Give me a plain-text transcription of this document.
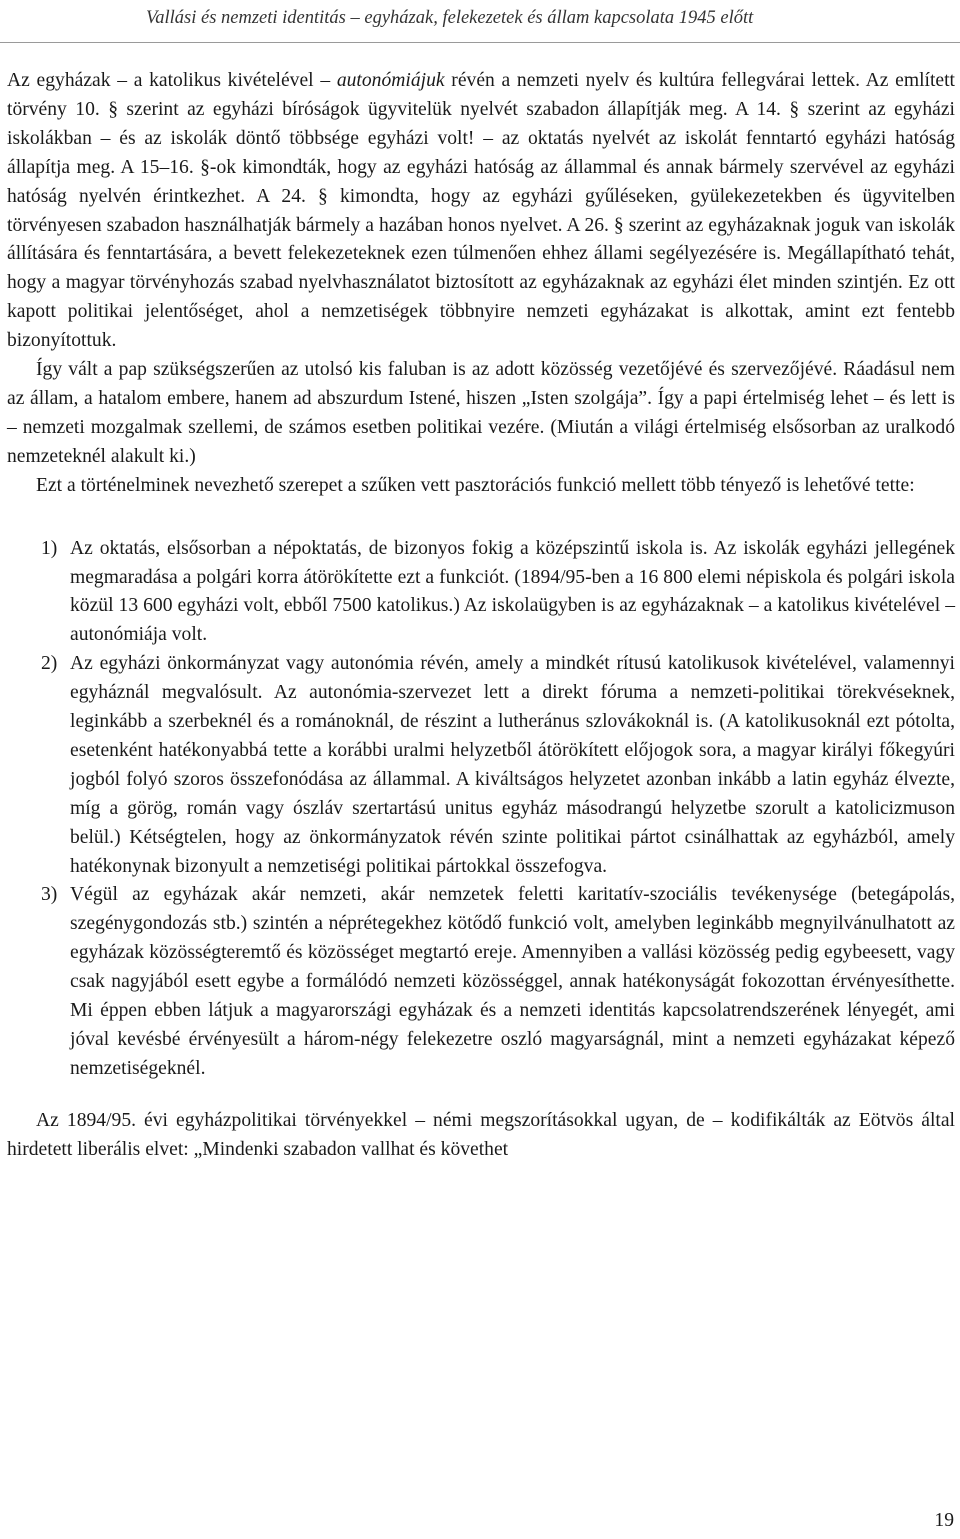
Vallási és nemzeti identitás – egyházak, felekezetek és állam kapcsolata 1945 előtt

Az egyházak – a katolikus kivételével – autonómiájuk révén a nemzeti nyelv és kultúra fellegvárai lettek. Az említett törvény 10. § szerint az egyházi bíróságok ügyvitelük nyelvét szabadon állapítják meg. A 14. § szerint az egyházi iskolákban – és az iskolák döntő többsége egyházi volt! – az oktatás nyelvét az iskolát fenntartó egyházi hatóság állapítja meg. A 15–16. §-ok kimondták, hogy az egyházi hatóság az állammal és annak bármely szervével az egyházi hatóság nyelvén érintkezhet. A 24. § kimondta, hogy az egyházi gyűléseken, gyülekezetekben és ügyvitelben törvényesen szabadon használhatják bármely a hazában honos nyelvet. A 26. § szerint az egyházaknak joguk van iskolák állítására és fenntartására, a bevett felekezeteknek ezen túlmenően ehhez állami segélyezésére is. Megállapítható tehát, hogy a magyar törvényhozás szabad nyelvhasználatot biztosított az egyházaknak az egyházi élet minden szintjén. Ez ott kapott politikai jelentőséget, ahol a nemzetiségek többnyire nemzeti egyházakat is alkottak, amint ezt fentebb bizonyítottuk.

Így vált a pap szükségszerűen az utolsó kis faluban is az adott közösség vezetőjévé és szervezőjévé. Ráadásul nem az állam, a hatalom embere, hanem ad abszurdum Istené, hiszen „Isten szolgája”. Így a papi értelmiség lehet – és lett is – nemzeti mozgalmak szellemi, de számos esetben politikai vezére. (Miután a világi értelmiség elsősorban az uralkodó nemzeteknél alakult ki.)

Ezt a történelminek nevezhető szerepet a szűken vett pasztorációs funkció mellett több tényező is lehetővé tette:

1) Az oktatás, elsősorban a népoktatás, de bizonyos fokig a középszintű iskola is. Az iskolák egyházi jellegének megmaradása a polgári korra átörökítette ezt a funkciót. (1894/95-ben a 16 800 elemi népiskola és polgári iskola közül 13 600 egyházi volt, ebből 7500 katolikus.) Az iskolaügyben is az egyházaknak – a katolikus kivételével – autonómiája volt.
2) Az egyházi önkormányzat vagy autonómia révén, amely a mindkét rítusú katolikusok kivételével, valamennyi egyháznál megvalósult. Az autonómia-szervezet lett a direkt fóruma a nemzeti-politikai törekvéseknek, leginkább a szerbeknél és a románoknál, de részint a lutheránus szlovákoknál is. (A katolikusoknál ezt pótolta, esetenként hatékonyabbá tette a korábbi uralmi helyzetből átörökített előjogok sora, a magyar királyi főkegyúri jogból folyó szoros összefonódása az állammal. A kiváltságos helyzetet azonban inkább a latin egyház élvezte, míg a görög, román vagy ószláv szertartású unitus egyház másodrangú helyzetbe szorult a katolicizmuson belül.) Kétségtelen, hogy az önkormányzatok révén szinte politikai pártot csinálhattak az egyházból, amely hatékonynak bizonyult a nemzetiségi politikai pártokkal összefogva.
3) Végül az egyházak akár nemzeti, akár nemzetek feletti karitatív-szociális tevékenysége (betegápolás, szegénygondozás stb.) szintén a néprétegekhez kötődő funkció volt, amelyben leginkább megnyilvánulhatott az egyházak közösségteremtő és közösséget megtartó ereje. Amennyiben a vallási közösség pedig egybeesett, vagy csak nagyjából esett egybe a formálódó nemzeti közösséggel, annak hatékonyságát fokozottan érvényesíthette. Mi éppen ebben látjuk a magyarországi egyházak és a nemzeti identitás kapcsolatrendszerének lényegét, ami jóval kevésbé érvényesült a három-négy felekezetre oszló magyarságnál, mint a nemzeti egyházakat képező nemzetiségeknél.

Az 1894/95. évi egyházpolitikai törvényekkel – némi megszorításokkal ugyan, de – kodifikálták az Eötvös által hirdetett liberális elvet: „Mindenki szabadon vallhat és követhet

19
